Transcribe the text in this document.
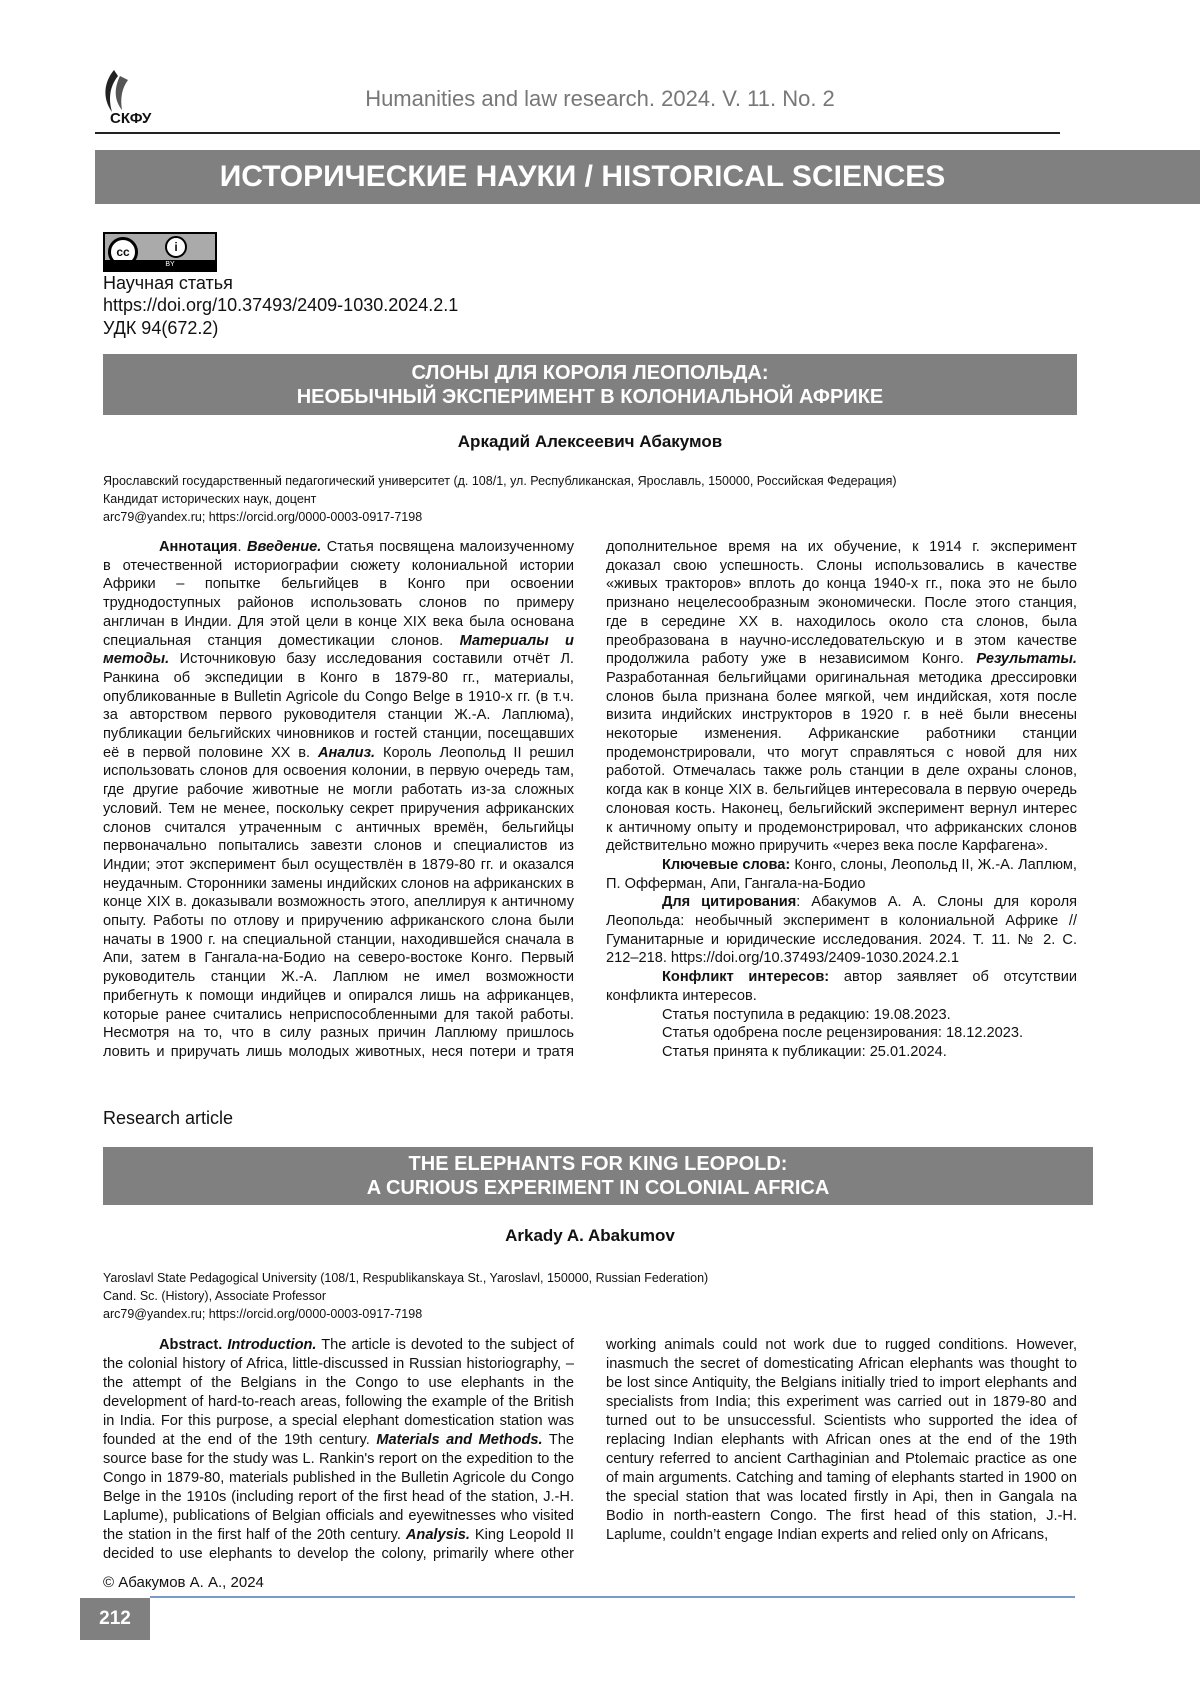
СКФУ
Humanities and law research. 2024. V. 11. No. 2
ИСТОРИЧЕСКИЕ НАУКИ / HISTORICAL SCIENCES
cc	i
BY
Научная статья
https://doi.org/10.37493/2409-1030.2024.2.1
УДК 94(672.2)
СЛОНЫ ДЛЯ КОРОЛЯ ЛЕОПОЛЬДА:
НЕОБЫЧНЫЙ ЭКСПЕРИМЕНТ В КОЛОНИАЛЬНОЙ АФРИКЕ
Аркадий Алексеевич Абакумов
Ярославский государственный педагогический университет (д. 108/1, ул. Республиканская, Ярославль, 150000, Российская Федерация)
Кандидат исторических наук, доцент
arc79@yandex.ru; https://orcid.org/0000-0003-0917-7198

Аннотация. Введение. Статья посвящена малоизученному в отечественной историографии сюжету колониальной истории Африки – попытке бельгийцев в Конго при освоении труднодоступных районов использовать слонов по примеру англичан в Индии. Для этой цели в конце XIX века была основана специальная станция доместикации слонов. Материалы и методы. Источниковую базу исследования составили отчёт Л. Ранкина об экспедиции в Конго в 1879-80 гг., материалы, опубликованные в Bulletin Agricole du Congo Belge в 1910-х гг. (в т.ч. за авторством первого руководителя станции Ж.-А. Лаплюма), публикации бельгийских чиновников и гостей станции, посещавших её в первой половине XX в. Анализ. Король Леопольд II решил использовать слонов для освоения колонии, в первую очередь там, где другие рабочие животные не могли работать из-за сложных условий. Тем не менее, поскольку секрет приручения африканских слонов считался утраченным с античных времён, бельгийцы первоначально попытались завезти слонов и специалистов из Индии; этот эксперимент был осуществлён в 1879-80 гг. и оказался неудачным. Сторонники замены индийских слонов на африканских в конце XIX в. доказывали возможность этого, апеллируя к античному опыту. Работы по отлову и приручению африканского слона были начаты в 1900 г. на специальной станции, находившейся сначала в Апи, затем в Гангала-на-Бодио на северо-востоке Конго. Первый руководитель станции Ж.-А. Лаплюм не имел возможности прибегнуть к помощи индийцев и опирался лишь на африканцев, которые ранее считались неприспособленными для такой работы. Несмотря на то, что в силу разных причин Лаплюму пришлось ловить и приручать лишь молодых животных, неся потери и тратя дополнительное время на их обучение, к 1914 г. эксперимент доказал свою успешность. Слоны использовались в качестве «живых тракторов» вплоть до конца 1940-х гг., пока это не было признано нецелесообразным экономически. После этого станция, где в середине XX в. находилось около ста слонов, была преобразована в научно-исследовательскую и в этом качестве продолжила работу уже в независимом Конго. Результаты. Разработанная бельгийцами оригинальная методика дрессировки слонов была признана более мягкой, чем индийская, хотя после визита индийских инструкторов в 1920 г. в неё были внесены некоторые изменения. Африканские работники станции продемонстрировали, что могут справляться с новой для них работой. Отмечалась также роль станции в деле охраны слонов, когда как в конце XIX в. бельгийцев интересовала в первую очередь слоновая кость. Наконец, бельгийский эксперимент вернул интерес к античному опыту и продемонстрировал, что африканских слонов действительно можно приручить «через века после Карфагена».

Ключевые слова: Конго, слоны, Леопольд II, Ж.-А. Лаплюм, П. Офферман, Апи, Гангала-на-Бодио

Для цитирования: Абакумов А. А. Слоны для короля Леопольда: необычный эксперимент в колониальной Африке // Гуманитарные и юридические исследования. 2024. Т. 11. № 2. С. 212–218. https://doi.org/10.37493/2409-1030.2024.2.1

Конфликт интересов: автор заявляет об отсутствии конфликта интересов.

Статья поступила в редакцию: 19.08.2023.

Статья одобрена после рецензирования: 18.12.2023.

Статья принята к публикации: 25.01.2024.

Research article
THE ELEPHANTS FOR KING LEOPOLD:
A CURIOUS EXPERIMENT IN COLONIAL AFRICA
Arkady A. Abakumov
Yaroslavl State Pedagogical University (108/1, Respublikanskaya St., Yaroslavl, 150000, Russian Federation)
Cand. Sc. (History), Associate Professor
arc79@yandex.ru; https://orcid.org/0000-0003-0917-7198

Abstract. Introduction. The article is devoted to the subject of the colonial history of Africa, little-discussed in Russian historiography, – the attempt of the Belgians in the Congo to use elephants in the development of hard-to-reach areas, following the example of the British in India. For this purpose, a special elephant domestication station was founded at the end of the 19th century. Materials and Methods. The source base for the study was L. Rankin's report on the expedition to the Congo in 1879-80, materials published in the Bulletin Agricole du Congo Belge in the 1910s (including report of the first head of the station, J.-H. Laplume), publications of Belgian officials and eyewitnesses who visited the station in the first half of the 20th century. Analysis. King Leopold II decided to use elephants to develop the colony, primarily where other working animals could not work due to rugged conditions. However, inasmuch the secret of domesticating African elephants was thought to be lost since Antiquity, the Belgians initially tried to import elephants and specialists from India; this experiment was carried out in 1879-80 and turned out to be unsuccessful. Scientists who supported the idea of replacing Indian elephants with African ones at the end of the 19th century referred to ancient Carthaginian and Ptolemaic practice as one of main arguments. Catching and taming of elephants started in 1900 on the special station that was located firstly in Api, then in Gangala na Bodio in north-eastern Congo. The first head of this station, J.-H. Laplume, couldn’t engage Indian experts and relied only on Africans,

© Абакумов А. А., 2024
212
